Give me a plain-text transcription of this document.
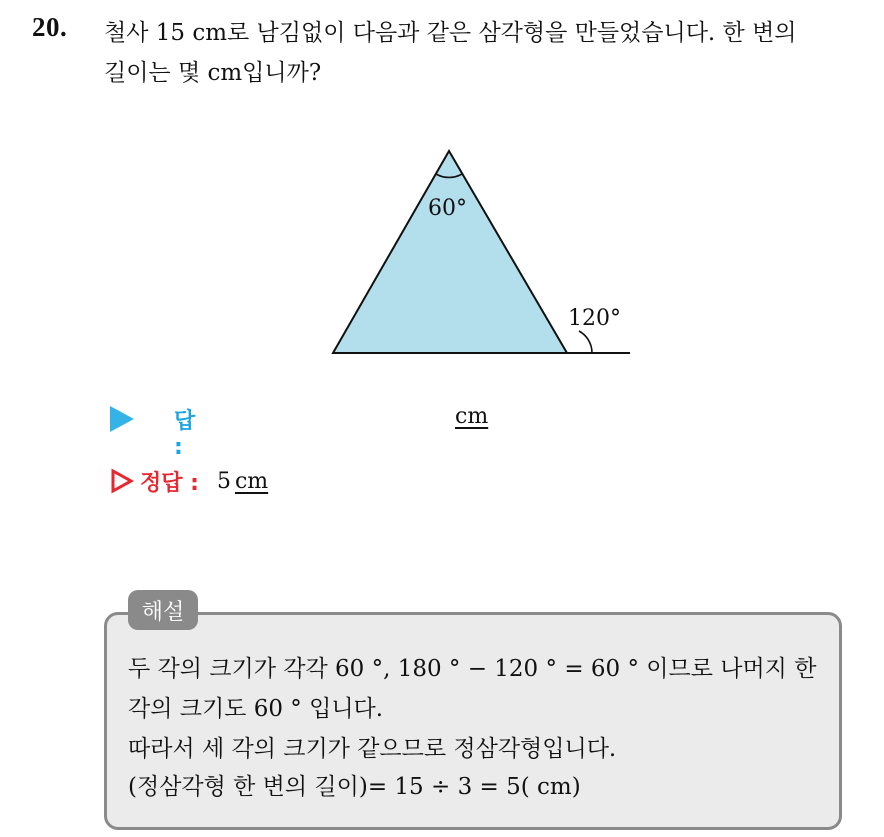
20. 철사 15 cm로 남김없이 다음과 같은 삼각형을 만들었습니다. 한 변의
길이는 몇 cm입니까?
60°
120°
답 :
cm
정답 : 5 cm
해설
두 각의 크기가 각각 60 °, 180 ° − 120 ° = 60 ° 이므로 나머지 한
각의 크기도 60 ° 입니다.
따라서 세 각의 크기가 같으므로 정삼각형입니다.
(정삼각형 한 변의 길이)= 15 ÷ 3 = 5( cm)
